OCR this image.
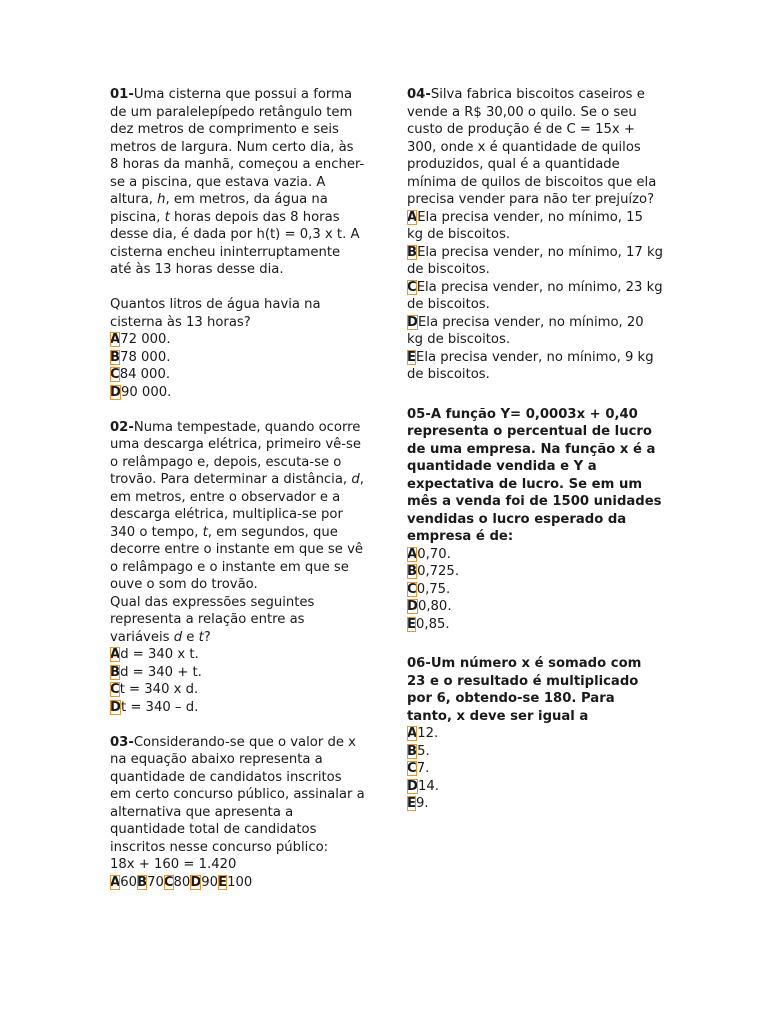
01-Uma cisterna que possui a forma de um paralelepípedo retângulo tem dez metros de comprimento e seis metros de largura. Num certo dia, às 8 horas da manhã, começou a encher-se a piscina, que estava vazia. A altura, h, em metros, da água na piscina, t horas depois das 8 horas desse dia, é dada por h(t) = 0,3 x t. A cisterna encheu ininterruptamente até às 13 horas desse dia.
Quantos litros de água havia na cisterna às 13 horas?
A72 000.
B78 000.
C84 000.
D90 000.
02-Numa tempestade, quando ocorre uma descarga elétrica, primeiro vê-se o relâmpago e, depois, escuta-se o trovão. Para determinar a distância, d, em metros, entre o observador e a descarga elétrica, multiplica-se por 340 o tempo, t, em segundos, que decorre entre o instante em que se vê o relâmpago e o instante em que se ouve o som do trovão.
Qual das expressões seguintes representa a relação entre as variáveis d e t?
Ad = 340 x t.
Bd = 340 + t.
Ct = 340 x d.
Dt = 340 – d.
03-Considerando-se que o valor de x na equação abaixo representa a quantidade de candidatos inscritos em certo concurso público, assinalar a alternativa que apresenta a quantidade total de candidatos inscritos nesse concurso público:
18x + 160 = 1.420
A60B70C80D90E100
04-Silva fabrica biscoitos caseiros e vende a R$ 30,00 o quilo. Se o seu custo de produção é de C = 15x + 300, onde x é quantidade de quilos produzidos, qual é a quantidade mínima de quilos de biscoitos que ela precisa vender para não ter prejuízo?
AEla precisa vender, no mínimo, 15 kg de biscoitos.
BEla precisa vender, no mínimo, 17 kg de biscoitos.
CEla precisa vender, no mínimo, 23 kg de biscoitos.
DEla precisa vender, no mínimo, 20 kg de biscoitos.
EEla precisa vender, no mínimo, 9 kg de biscoitos.
05-A função Y= 0,0003x + 0,40 representa o percentual de lucro de uma empresa. Na função x é a quantidade vendida e Y a expectativa de lucro. Se em um mês a venda foi de 1500 unidades vendidas o lucro esperado da empresa é de:
A0,70.
B0,725.
C0,75.
D0,80.
E0,85.
06-Um número x é somado com 23 e o resultado é multiplicado por 6, obtendo-se 180. Para tanto, x deve ser igual a
A12.
B5.
C7.
D14.
E9.
